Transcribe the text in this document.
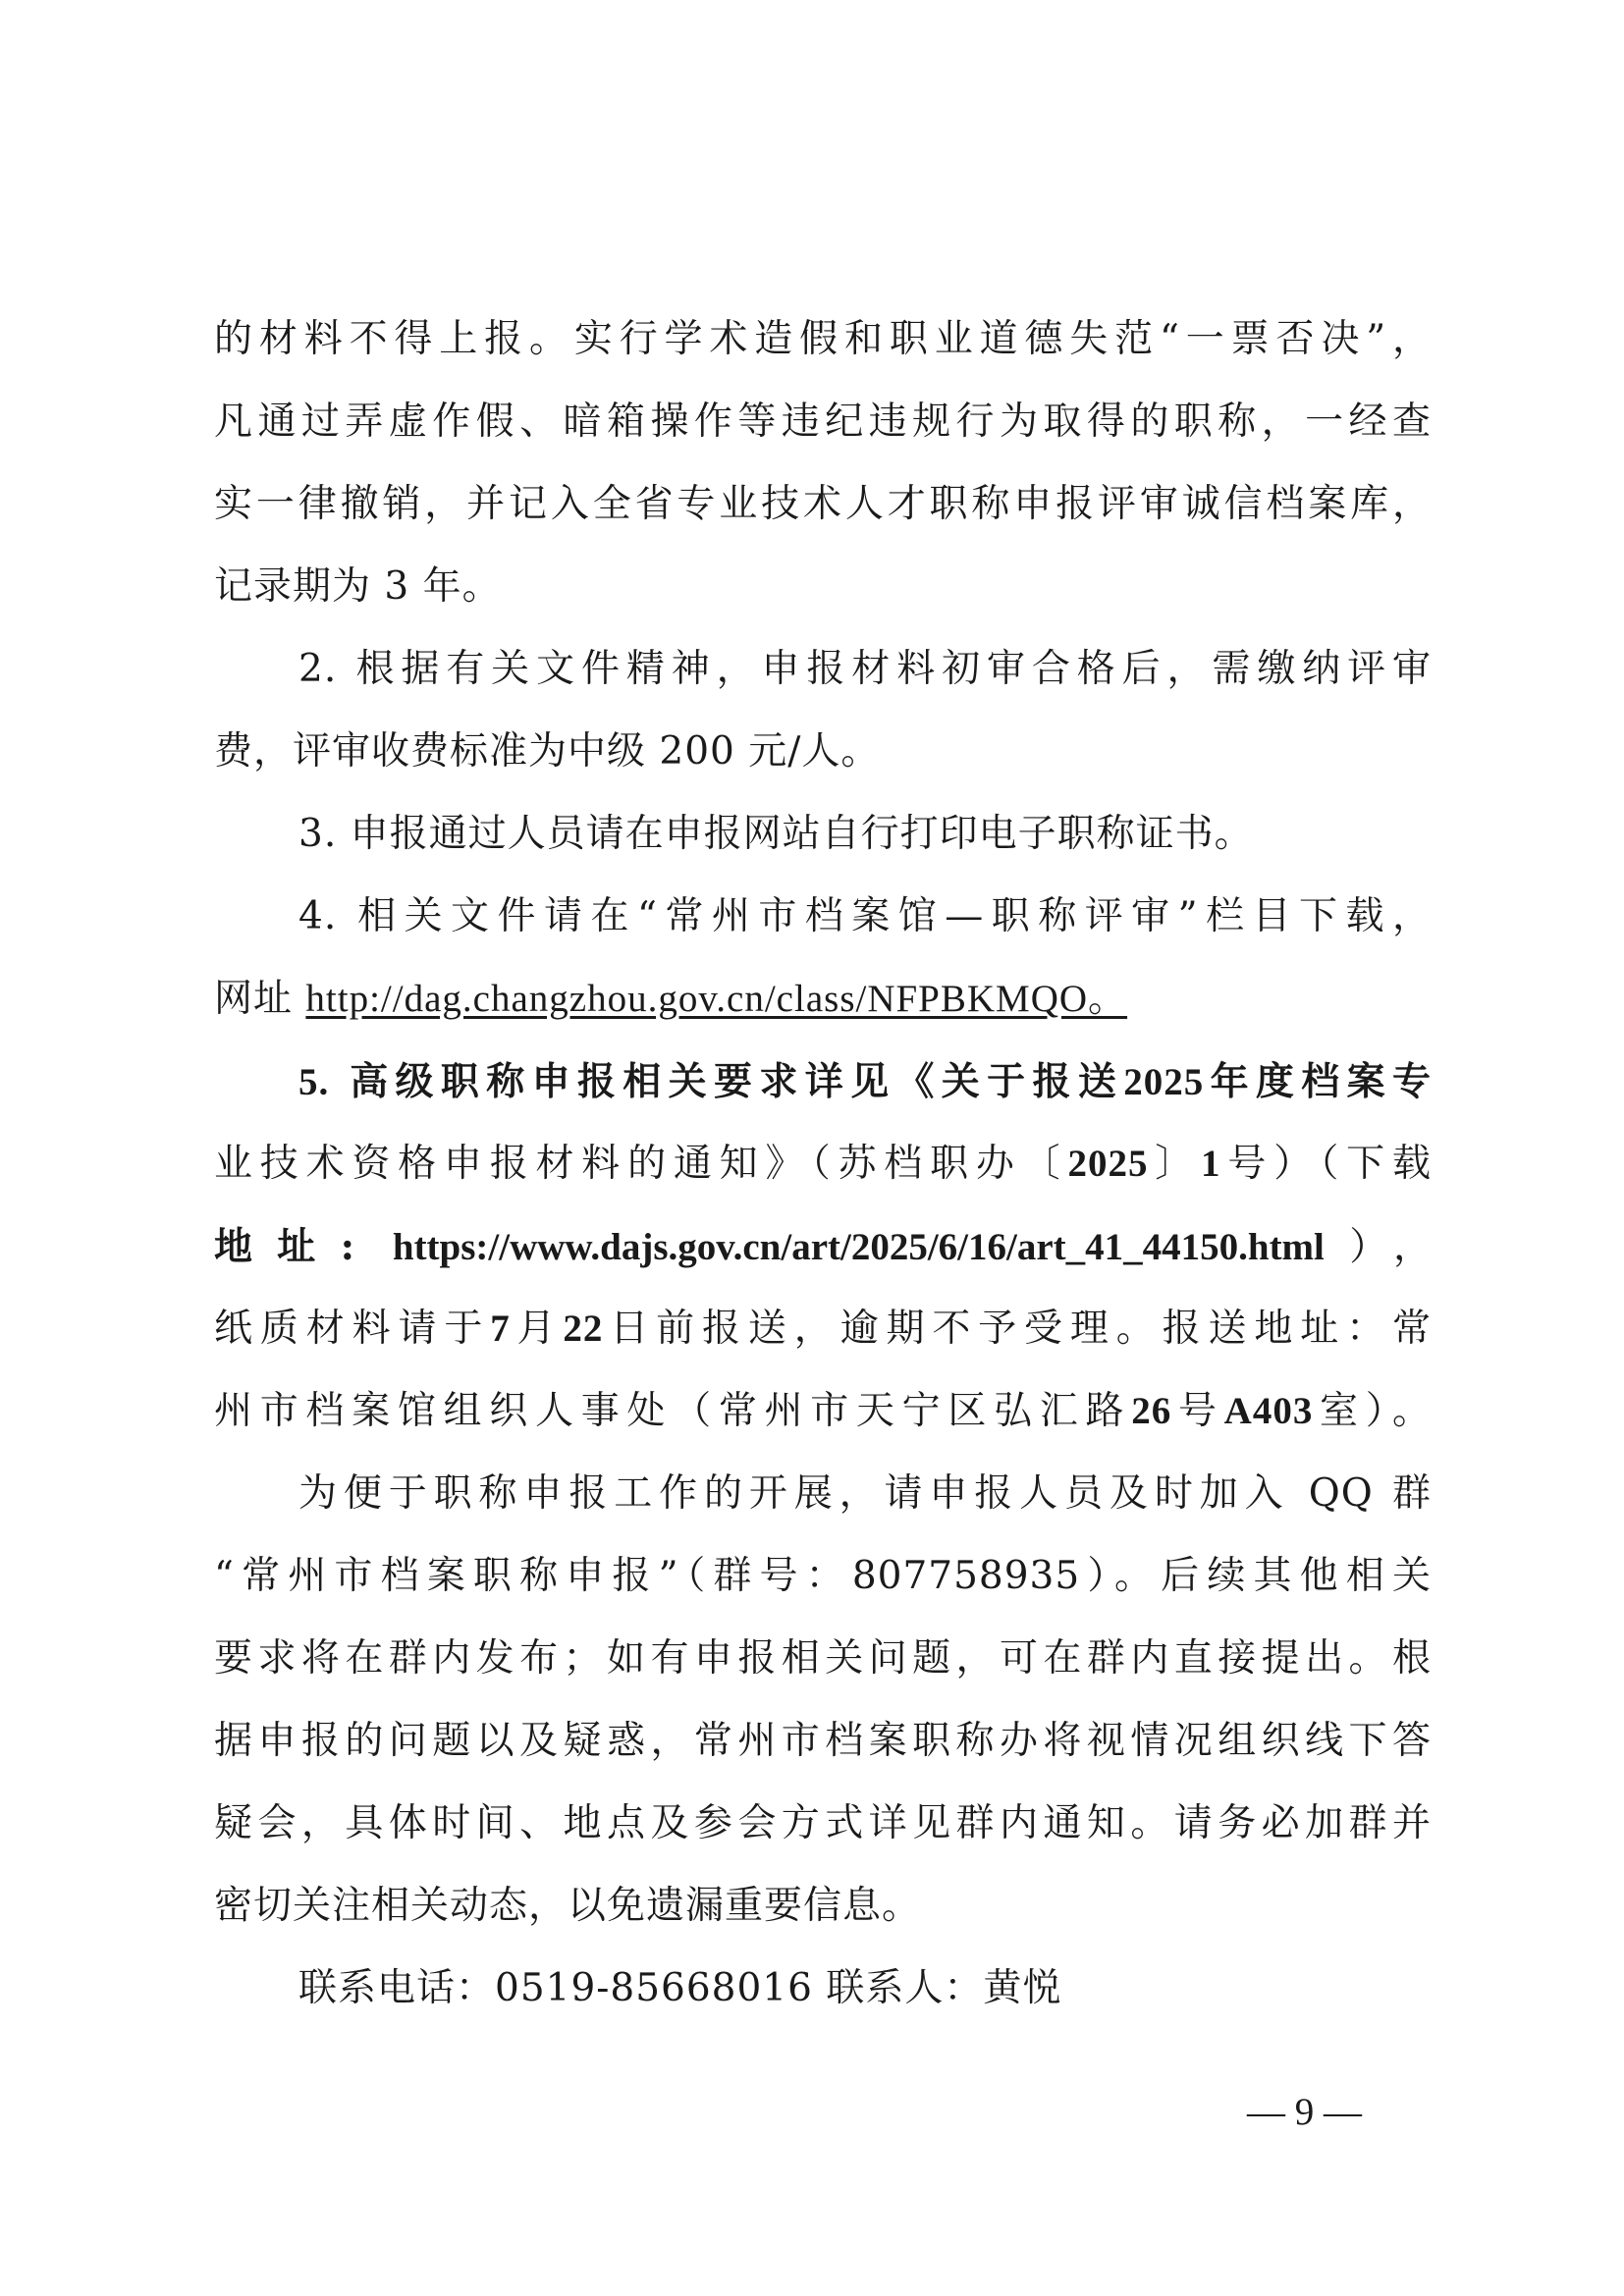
的材料不得上报。实行学术造假和职业道德失范“一票否决”，
凡通过弄虚作假、暗箱操作等违纪违规行为取得的职称，一经查
实一律撤销，并记入全省专业技术人才职称申报评审诚信档案库，
记录期为 3 年。
2. 根据有关文件精神，申报材料初审合格后，需缴纳评审
费，评审收费标准为中级 200 元/人。
3. 申报通过人员请在申报网站自行打印电子职称证书。
4. 相关文件请在“常州市档案馆—职称评审”栏目下载，
网址 http://dag.changzhou.gov.cn/class/NFPBKMQO。
5. 高级职称申报相关要求详见《关于报送2025年度档案专
业技术资格申报材料的通知》（苏档职办〔2025〕1号）（下载
地址: https://www.dajs.gov.cn/art/2025/6/16/art_41_44150.html），
纸质材料请于7月22日前报送，逾期不予受理。报送地址：常
州市档案馆组织人事处（常州市天宁区弘汇路26号A403室）。
为便于职称申报工作的开展，请申报人员及时加入 QQ 群
“常州市档案职称申报”（群号：807758935）。后续其他相关
要求将在群内发布；如有申报相关问题，可在群内直接提出。根
据申报的问题以及疑惑，常州市档案职称办将视情况组织线下答
疑会，具体时间、地点及参会方式详见群内通知。请务必加群并
密切关注相关动态，以免遗漏重要信息。
联系电话：0519-85668016 联系人：黄悦
— 9 —
